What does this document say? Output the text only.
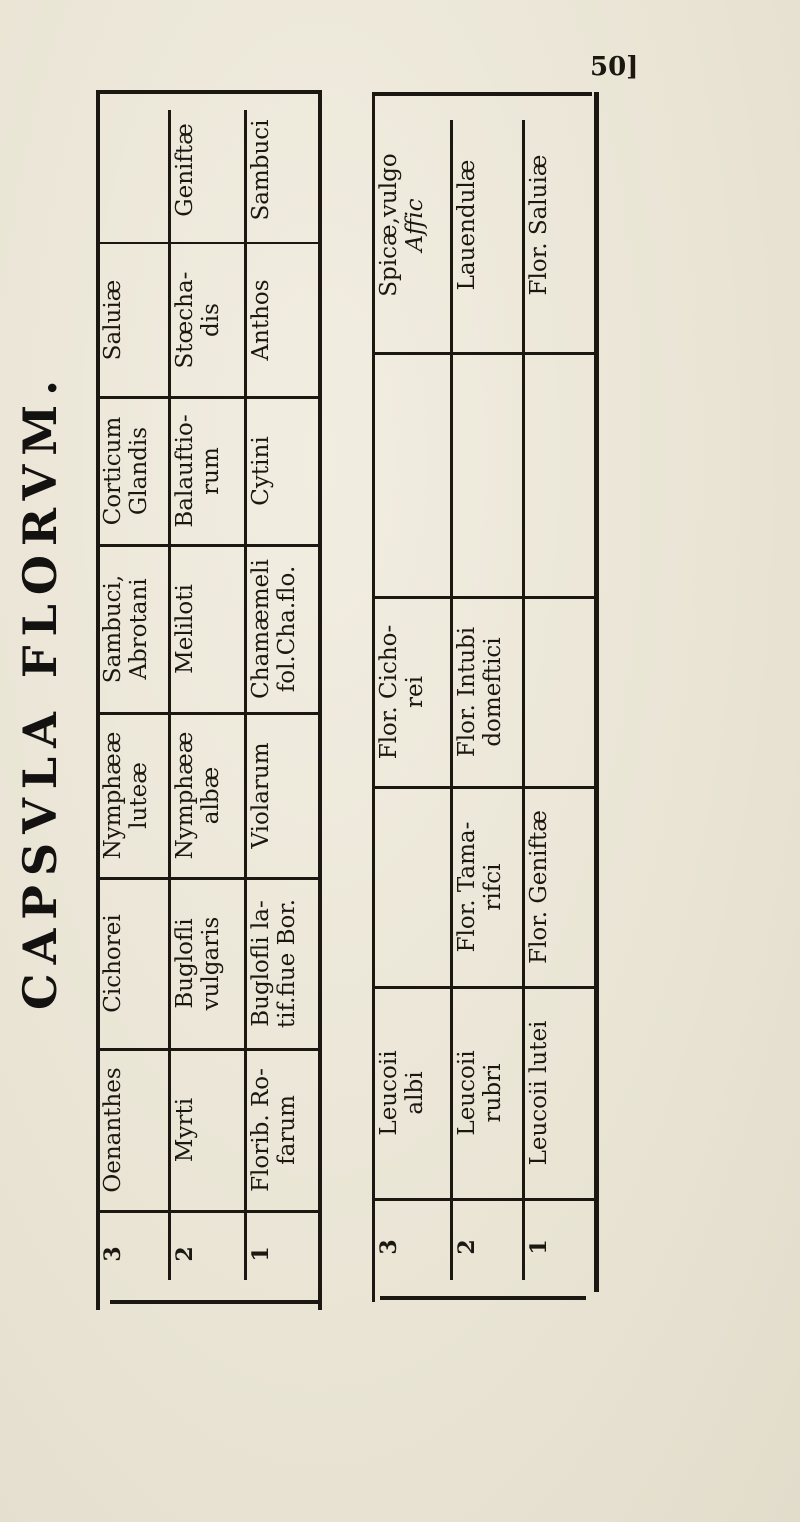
CAPSVLA FLORVM.
50]
Geniftæ Sambuci
Saluiæ Stœcha- dis Anthos
Corticum Glandis Balauftio- rum Cytini
Sambuci, Abrotani Meliloti Chamæmeli fol.Cha.flo.
Nymphææ luteæ Nymphææ albæ Violarum
Cichorei Buglofli vulgaris Buglofli la- tif.fiue Bor.
Oenanthes Myrti Florib. Ro- farum
3 2 1
Spicæ,vulgo Affic Lauendulæ Flor. Saluiæ
Flor. Cicho- rei Flor. Intubi domeftici
Flor. Tama- rifci Flor. Geniftæ
Leucoii albi Leucoii rubri Leucoii lutei
3 2 1
